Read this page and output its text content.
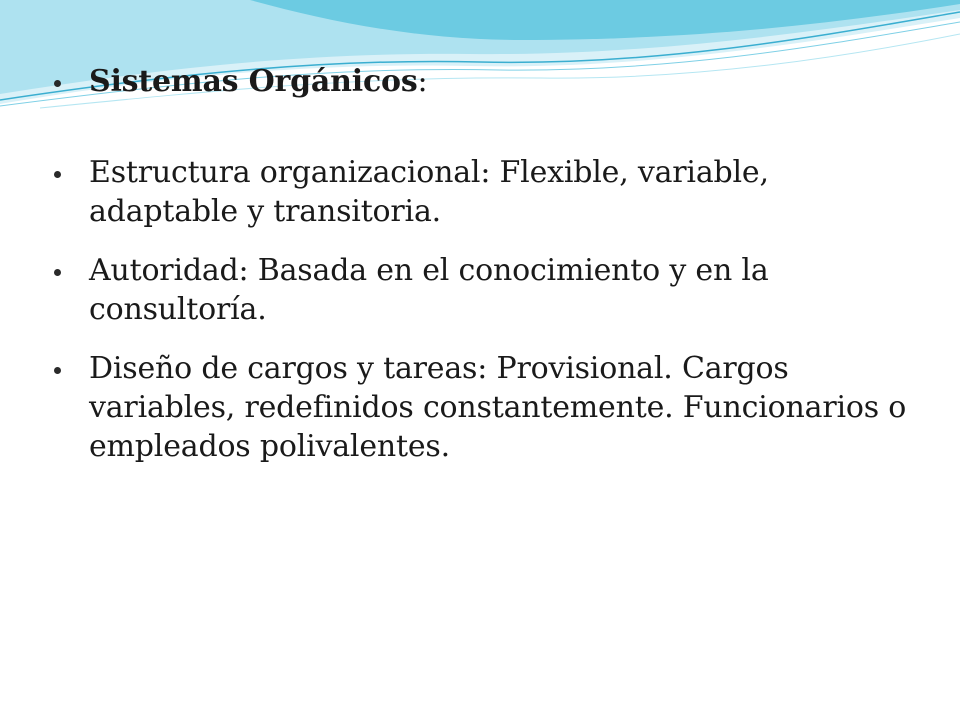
Sistemas Orgánicos:
Estructura organizacional: Flexible, variable, adaptable y transitoria.
Autoridad: Basada en el conocimiento y en la consultoría.
Diseño de cargos y tareas: Provisional. Cargos variables, redefinidos constantemente. Funcionarios o empleados polivalentes.
